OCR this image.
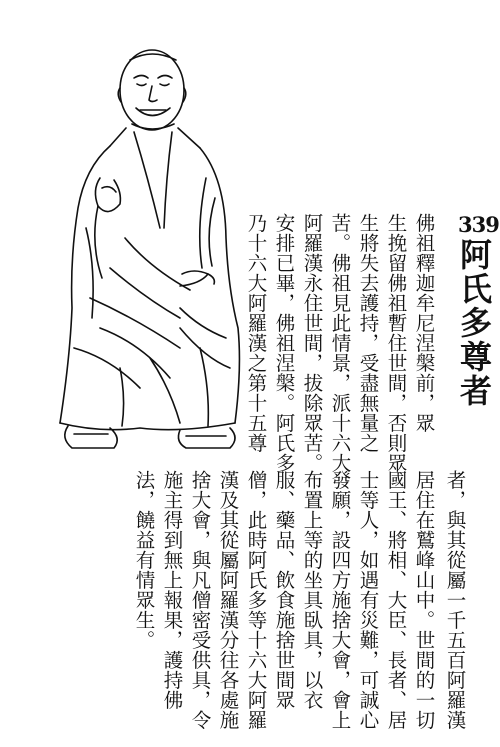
339
阿氏多尊者
佛祖釋迦牟尼涅槃前，眾
生挽留佛祖暫住世間，否則眾
生將失去護持，受盡無量之
苦。佛祖見此情景，派十六大
阿羅漢永住世間，拔除眾苦。
安排已畢，佛祖涅槃。阿氏多
乃十六大阿羅漢之第十五尊
者，與其從屬一千五百阿羅漢
居住在鷲峰山中。世間的一切
國王、將相、大臣、長者、居
士等人，如遇有災難，可誠心
發願，設四方施捨大會，會上
布置上等的坐具臥具，以衣
服、藥品、飲食施捨世間眾
僧，此時阿氏多等十六大阿羅
漢及其從屬阿羅漢分往各處施
捨大會，與凡僧密受供具，令
施主得到無上報果，護持佛
法，饒益有情眾生。
